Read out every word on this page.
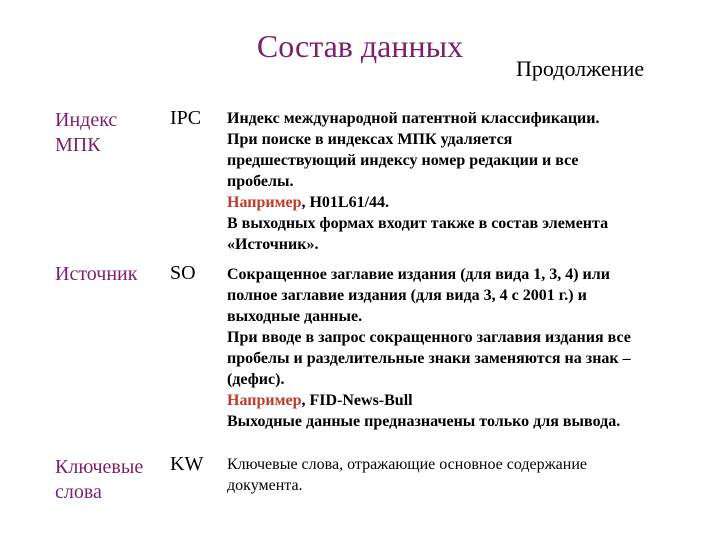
Состав данных
Продолжение
Индекс
МПК
IPC Индекс международной патентной классификации.
При поиске в индексах МПК удаляется
предшествующий индексу номер редакции и все
пробелы.
Например, Н01L61/44.
В выходных формах входит также в состав элемента
«Источник».
Источник SO Сокращенное заглавие издания (для вида 1, 3, 4) или
полное заглавие издания (для вида 3, 4 с 2001 г.) и
выходные данные.
При вводе в запрос сокращенного заглавия издания все
пробелы и разделительные знаки заменяются на знак –
(дефис).
Например, FID-News-Bull
Выходные данные предназначены только для вывода.
Ключевые
слова
KW Ключевые слова, отражающие основное содержание
документа.
